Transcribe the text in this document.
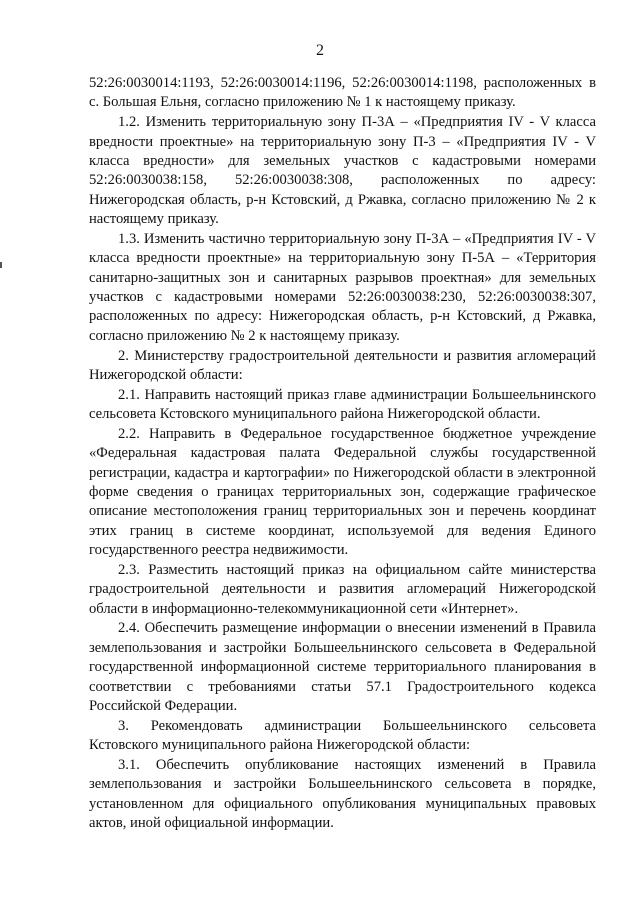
2

52:26:0030014:1193, 52:26:0030014:1196, 52:26:0030014:1198, расположенных в с. Большая Ельня, согласно приложению № 1 к настоящему приказу.

1.2. Изменить территориальную зону П-3А – «Предприятия IV - V класса вредности проектные» на территориальную зону П-3 – «Предприятия IV - V класса вредности» для земельных участков с кадастровыми номерами 52:26:0030038:158, 52:26:0030038:308, расположенных по адресу: Нижегородская область, р-н Кстовский, д Ржавка, согласно приложению № 2 к настоящему приказу.

1.3. Изменить частично территориальную зону П-3А – «Предприятия IV - V класса вредности проектные» на территориальную зону П-5А – «Территория санитарно-защитных зон и санитарных разрывов проектная» для земельных участков с кадастровыми номерами 52:26:0030038:230, 52:26:0030038:307, расположенных по адресу: Нижегородская область, р-н Кстовский, д Ржавка, согласно приложению № 2 к настоящему приказу.

2. Министерству градостроительной деятельности и развития агломераций Нижегородской области:

2.1. Направить настоящий приказ главе администрации Большеельнинского сельсовета Кстовского муниципального района Нижегородской области.

2.2. Направить в Федеральное государственное бюджетное учреждение «Федеральная кадастровая палата Федеральной службы государственной регистрации, кадастра и картографии» по Нижегородской области в электронной форме сведения о границах территориальных зон, содержащие графическое описание местоположения границ территориальных зон и перечень координат этих границ в системе координат, используемой для ведения Единого государственного реестра недвижимости.

2.3. Разместить настоящий приказ на официальном сайте министерства градостроительной деятельности и развития агломераций Нижегородской области в информационно-телекоммуникационной сети «Интернет».

2.4. Обеспечить размещение информации о внесении изменений в Правила землепользования и застройки Большеельнинского сельсовета в Федеральной государственной информационной системе территориального планирования в соответствии с требованиями статьи 57.1 Градостроительного кодекса Российской Федерации.

3. Рекомендовать администрации Большеельнинского сельсовета Кстовского муниципального района Нижегородской области:

3.1. Обеспечить опубликование настоящих изменений в Правила землепользования и застройки Большеельнинского сельсовета в порядке, установленном для официального опубликования муниципальных правовых актов, иной официальной информации.
